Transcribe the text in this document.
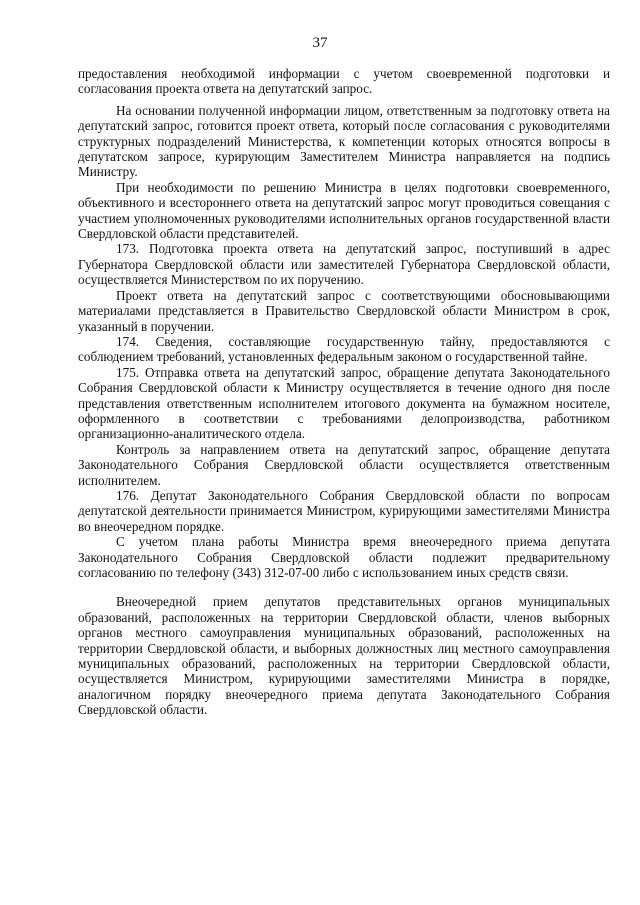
37

предоставления необходимой информации с учетом своевременной подготовки и согласования проекта ответа на депутатский запрос.

На основании полученной информации лицом, ответственным за подготовку ответа на депутатский запрос, готовится проект ответа, который после согласования с руководителями структурных подразделений Министерства, к компетенции которых относятся вопросы в депутатском запросе, курирующим Заместителем Министра направляется на подпись Министру.

При необходимости по решению Министра в целях подготовки своевременного, объективного и всестороннего ответа на депутатский запрос могут проводиться совещания с участием уполномоченных руководителями исполнительных органов государственной власти Свердловской области представителей.

173. Подготовка проекта ответа на депутатский запрос, поступивший в адрес Губернатора Свердловской области или заместителей Губернатора Свердловской области, осуществляется Министерством по их поручению.

Проект ответа на депутатский запрос с соответствующими обосновывающими материалами представляется в Правительство Свердловской области Министром в срок, указанный в поручении.

174. Сведения, составляющие государственную тайну, предоставляются с соблюдением требований, установленных федеральным законом о государственной тайне.

175. Отправка ответа на депутатский запрос, обращение депутата Законодательного Собрания Свердловской области к Министру осуществляется в течение одного дня после представления ответственным исполнителем итогового документа на бумажном носителе, оформленного в соответствии с требованиями делопроизводства, работником организационно-аналитического отдела.

Контроль за направлением ответа на депутатский запрос, обращение депутата Законодательного Собрания Свердловской области осуществляется ответственным исполнителем.

176. Депутат Законодательного Собрания Свердловской области по вопросам депутатской деятельности принимается Министром, курирующими заместителями Министра во внеочередном порядке.

С учетом плана работы Министра время внеочередного приема депутата Законодательного Собрания Свердловской области подлежит предварительному согласованию по телефону (343) 312-07-00 либо с использованием иных средств связи.

Внеочередной прием депутатов представительных органов муниципальных образований, расположенных на территории Свердловской области, членов выборных органов местного самоуправления муниципальных образований, расположенных на территории Свердловской области, и выборных должностных лиц местного самоуправления муниципальных образований, расположенных на территории Свердловской области, осуществляется Министром, курирующими заместителями Министра в порядке, аналогичном порядку внеочередного приема депутата Законодательного Собрания Свердловской области.
